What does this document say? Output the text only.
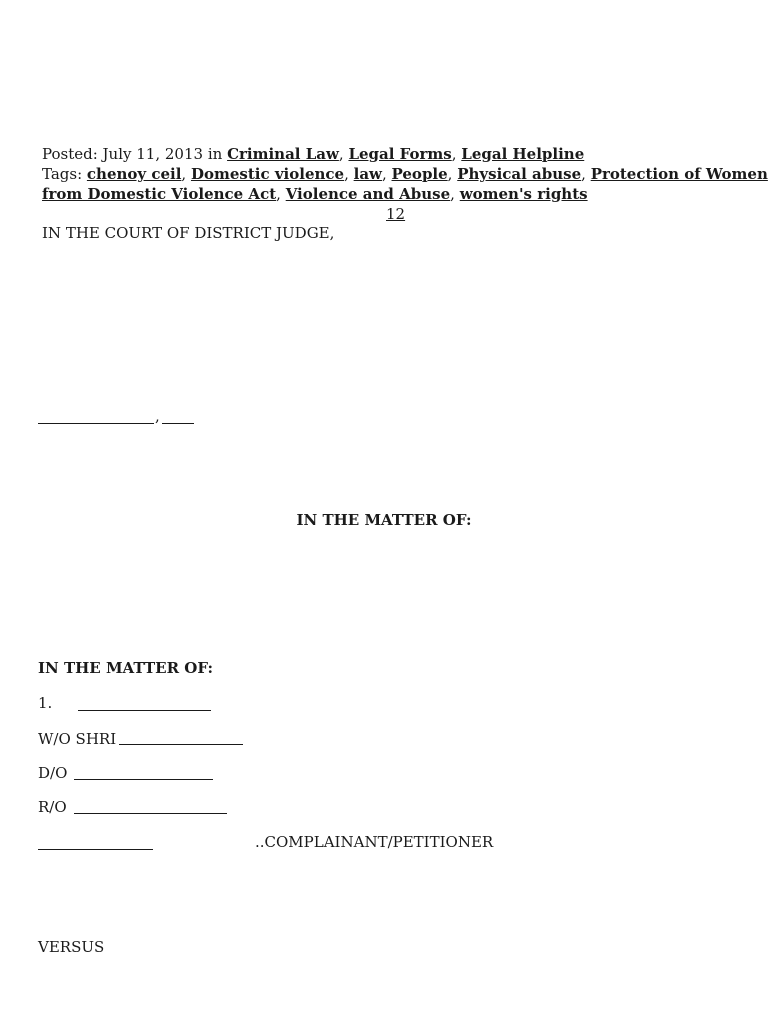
Posted: July 11, 2013 in Criminal Law, Legal Forms, Legal Helpline
Tags: chenoy ceil, Domestic violence, law, People, Physical abuse, Protection of Women
from Domestic Violence Act, Violence and Abuse, women's rights
12
IN THE COURT OF DISTRICT JUDGE,
,
IN THE MATTER OF:
IN THE MATTER OF:
1.
W/O SHRI
D/O
R/O
..COMPLAINANT/PETITIONER
VERSUS
